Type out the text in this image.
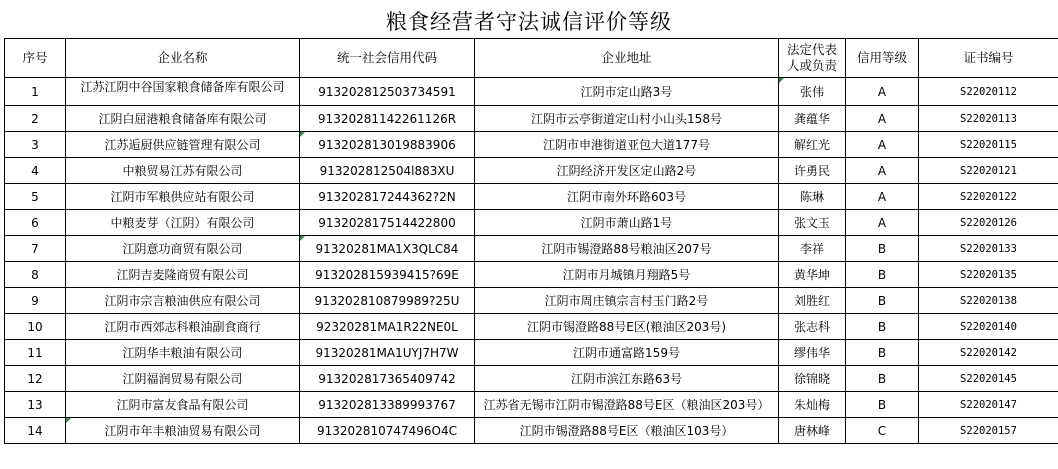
粮食经营者守法诚信评价等级
序号	企业名称	统一社会信用代码	企业地址	法定代表人或负责	信用等级	证书编号
1	江苏江阴中谷国家粮食储备库有限公司	913202812503734591	江阴市定山路3号	张伟	A	S22020112
2	江阴白屈港粮食储备库有限公司	91320281142261126R	江阴市云亭街道定山村小山头158号	龚蕴华	A	S22020113
3	江苏逅厨供应链管理有限公司	913202813019883906	江阴市申港街道亚包大道177号	解红光	A	S22020115
4	中粮贸易江苏有限公司	913202812504l883XU	江阴经济开发区定山路2号	许勇民	A	S22020121
5	江阴市军粮供应站有限公司	913202817244362?2N	江阴市南外环路603号	陈琳	A	S22020122
6	中粮麦芽（江阴）有限公司	913202817514422800	江阴市萧山路1号	张文玉	A	S22020126
7	江阴意功商贸有限公司	91320281MA1X3QLC84	江阴市锡澄路88号粮油区207号	李祥	B	S22020133
8	江阴吉麦隆商贸有限公司	913202815939415?69E	江阴市月城镇月翔路5号	黄华坤	B	S22020135
9	江阴市宗言粮油供应有限公司	913202810879989?25U	江阴市周庄镇宗言村玉门路2号	刘胜红	B	S22020138
10	江阴市西郊志科粮油副食商行	92320281MA1R22NE0L	江阴市锡澄路88号E区(粮油区203号)	张志科	B	S22020140
11	江阴华丰粮油有限公司	91320281MA1UYJ7H7W	江阴市通富路159号	缪伟华	B	S22020142
12	江阴福润贸易有限公司	913202817365409742	江阴市滨江东路63号	徐锦晓	B	S22020145
13	江阴市富友食品有限公司	913202813389993767	江苏省无锡市江阴市锡澄路88号E区（粮油区203号）	朱灿梅	B	S22020147
14	江阴市年丰粮油贸易有限公司	913202810747496O4C	江阴市锡澄路88号E区（粮油区103号）	唐林峰	C	S22020157
